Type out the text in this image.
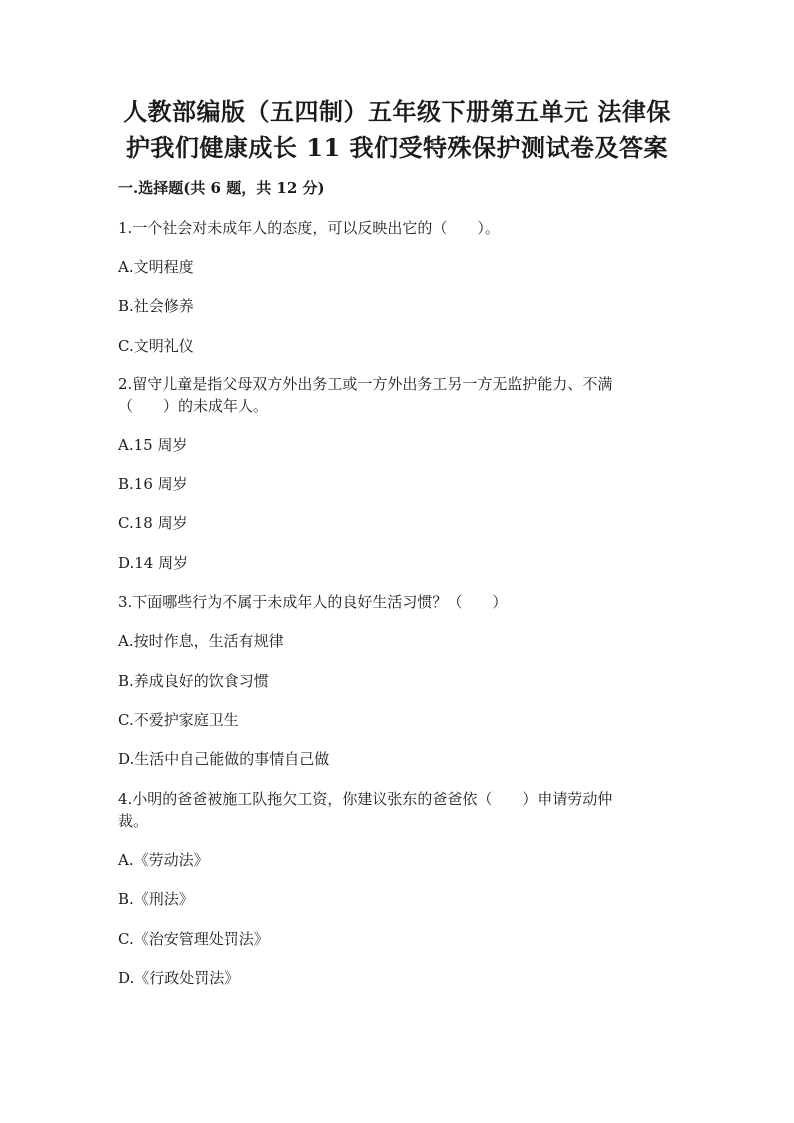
人教部编版（五四制）五年级下册第五单元 法律保
护我们健康成长 11 我们受特殊保护测试卷及答案
一.选择题(共 6 题，共 12 分)
1.一个社会对未成年人的态度，可以反映出它的（　　）。
A.文明程度
B.社会修养
C.文明礼仪
2.留守儿童是指父母双方外出务工或一方外出务工另一方无监护能力、不满
（　　）的未成年人。
A.15 周岁
B.16 周岁
C.18 周岁
D.14 周岁
3.下面哪些行为不属于未成年人的良好生活习惯？（　　）
A.按时作息，生活有规律
B.养成良好的饮食习惯
C.不爱护家庭卫生
D.生活中自己能做的事情自己做
4.小明的爸爸被施工队拖欠工资，你建议张东的爸爸依（　　）申请劳动仲
裁。
A.《劳动法》
B.《刑法》
C.《治安管理处罚法》
D.《行政处罚法》
